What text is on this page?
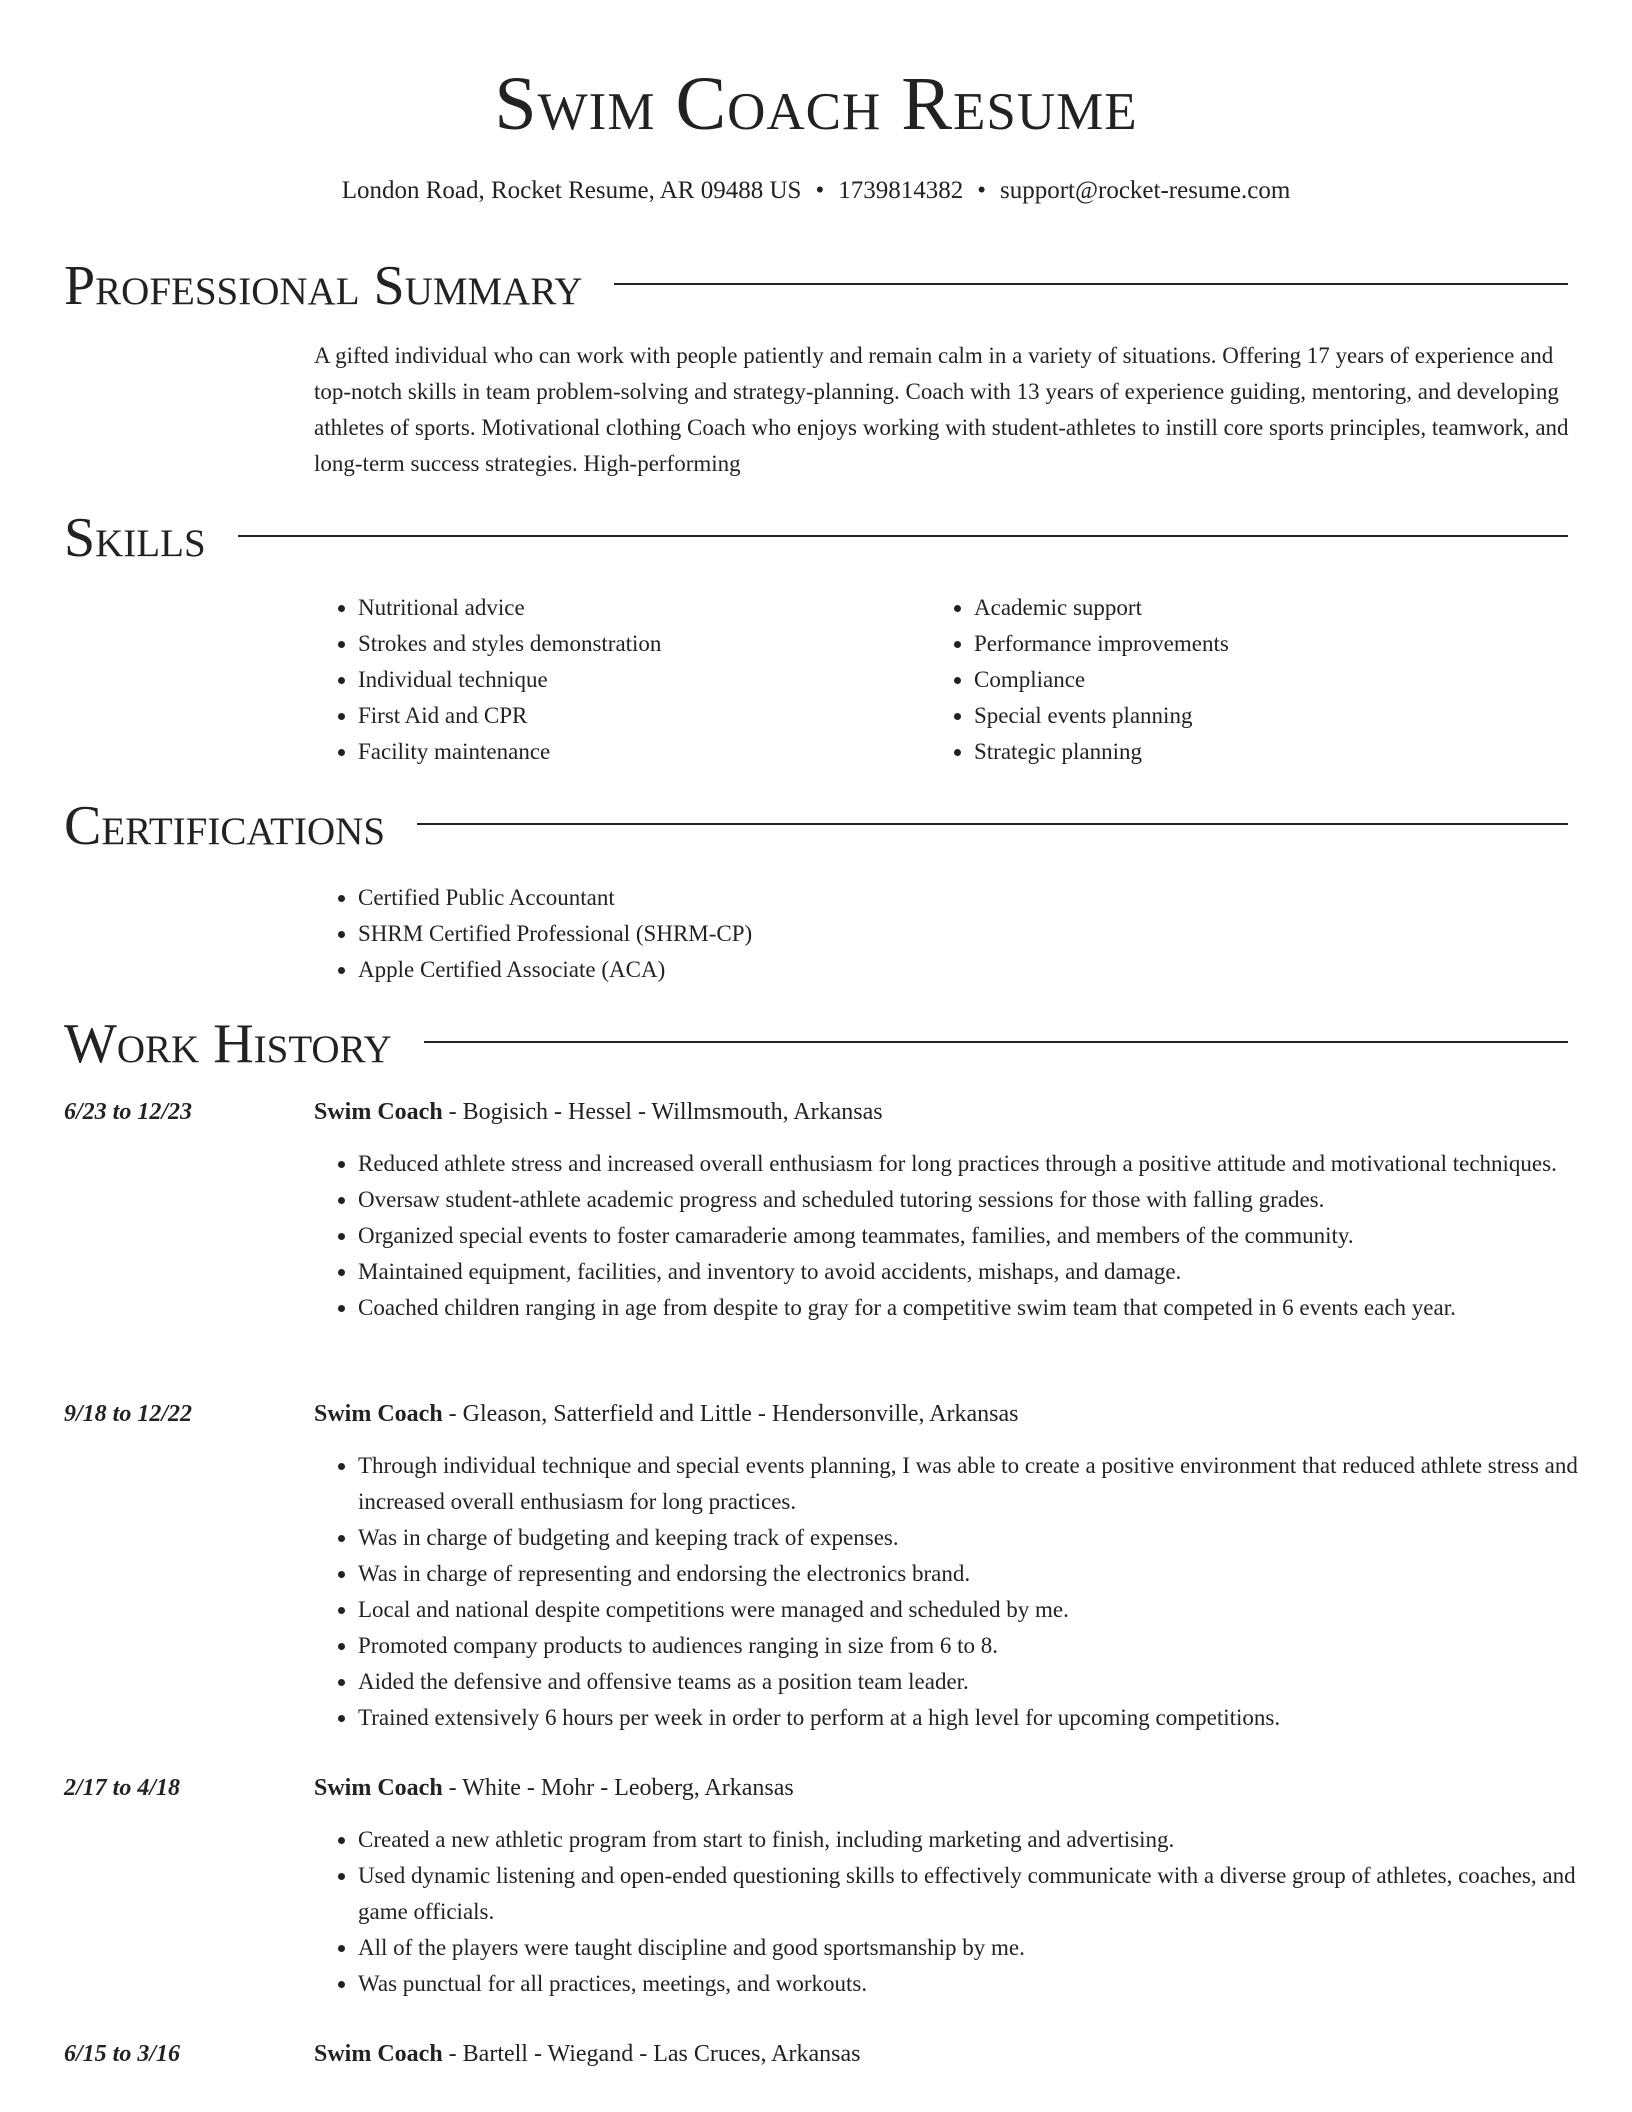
Swim Coach Resume
London Road, Rocket Resume, AR 09488 US • 1739814382 • support@rocket-resume.com
Professional Summary

A gifted individual who can work with people patiently and remain calm in a variety of situations. Offering 17 years of experience and top-notch skills in team problem-solving and strategy-planning. Coach with 13 years of experience guiding, mentoring, and developing athletes of sports. Motivational clothing Coach who enjoys working with student-athletes to instill core sports principles, teamwork, and long-term success strategies. High-performing

Skills
• Nutritional advice
• Strokes and styles demonstration
• Individual technique
• First Aid and CPR
• Facility maintenance
• Academic support
• Performance improvements
• Compliance
• Special events planning
• Strategic planning
Certifications
• Certified Public Accountant
• SHRM Certified Professional (SHRM-CP)
• Apple Certified Associate (ACA)
Work History
6/23 to 12/23	Swim Coach - Bogisich - Hessel - Willmsmouth, Arkansas
• Reduced athlete stress and increased overall enthusiasm for long practices through a positive attitude and motivational techniques.
• Oversaw student-athlete academic progress and scheduled tutoring sessions for those with falling grades.
• Organized special events to foster camaraderie among teammates, families, and members of the community.
• Maintained equipment, facilities, and inventory to avoid accidents, mishaps, and damage.
• Coached children ranging in age from despite to gray for a competitive swim team that competed in 6 events each year.
9/18 to 12/22	Swim Coach - Gleason, Satterfield and Little - Hendersonville, Arkansas
• Through individual technique and special events planning, I was able to create a positive environment that reduced athlete stress and increased overall enthusiasm for long practices.
• Was in charge of budgeting and keeping track of expenses.
• Was in charge of representing and endorsing the electronics brand.
• Local and national despite competitions were managed and scheduled by me.
• Promoted company products to audiences ranging in size from 6 to 8.
• Aided the defensive and offensive teams as a position team leader.
• Trained extensively 6 hours per week in order to perform at a high level for upcoming competitions.
2/17 to 4/18	Swim Coach - White - Mohr - Leoberg, Arkansas
• Created a new athletic program from start to finish, including marketing and advertising.
• Used dynamic listening and open-ended questioning skills to effectively communicate with a diverse group of athletes, coaches, and game officials.
• All of the players were taught discipline and good sportsmanship by me.
• Was punctual for all practices, meetings, and workouts.
6/15 to 3/16	Swim Coach - Bartell - Wiegand - Las Cruces, Arkansas
